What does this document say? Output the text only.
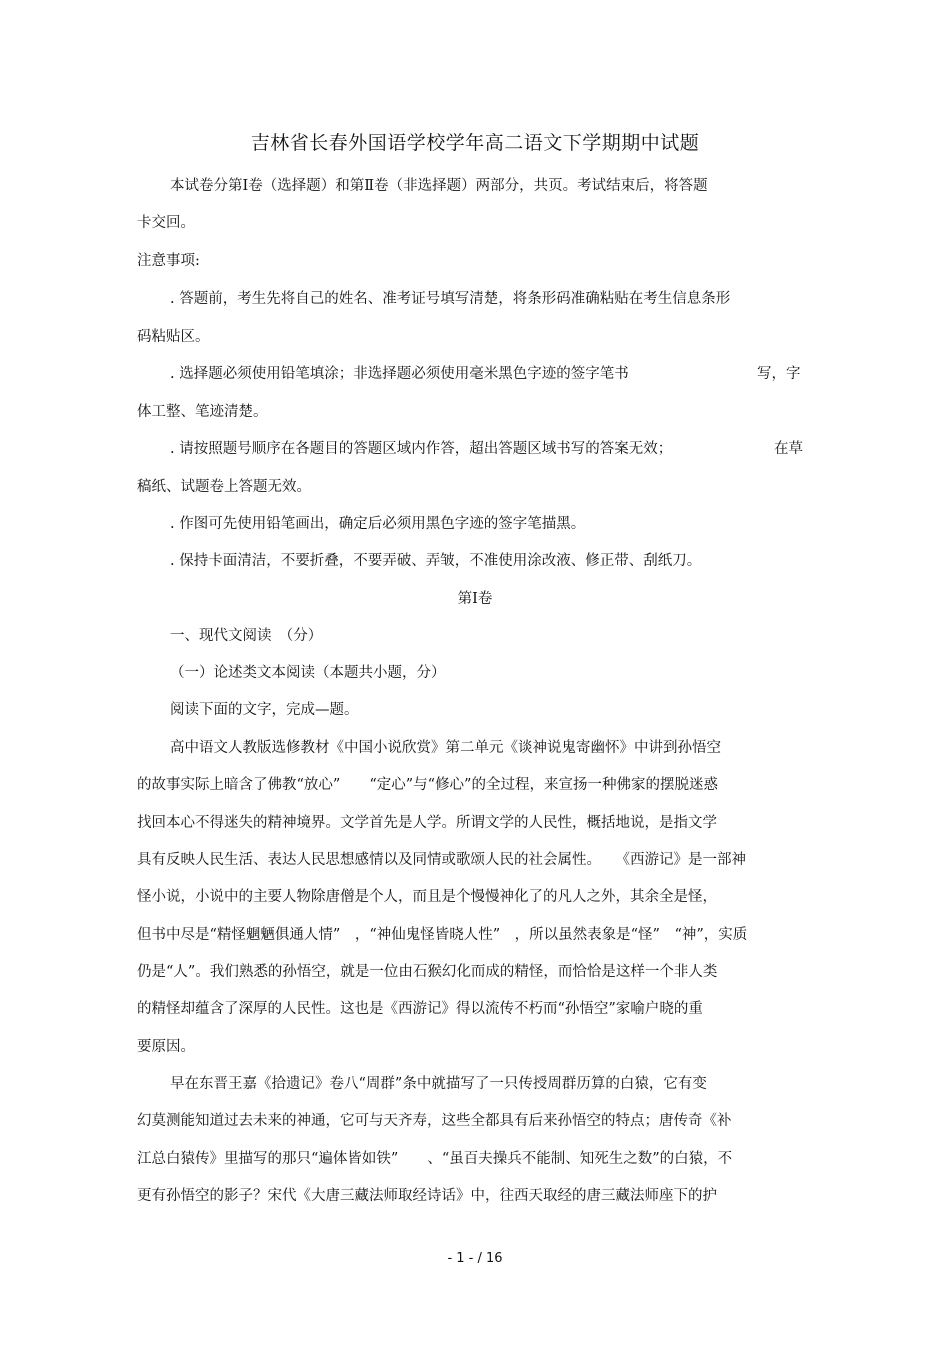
吉林省长春外国语学校学年高二语文下学期期中试题
本试卷分第Ⅰ卷（选择题）和第Ⅱ卷（非选择题）两部分，共页。考试结束后，将答题
卡交回。
注意事项:
. 答题前，考生先将自己的姓名、准考证号填写清楚，将条形码准确粘贴在考生信息条形
码粘贴区。
. 选择题必须使用铅笔填涂；非选择题必须使用毫米黑色字迹的签字笔书	写，字
体工整、笔迹清楚。
. 请按照题号顺序在各题目的答题区域内作答，超出答题区域书写的答案无效；	在草
稿纸、试题卷上答题无效。
. 作图可先使用铅笔画出，确定后必须用黑色字迹的签字笔描黑。
. 保持卡面清洁，不要折叠，不要弄破、弄皱，不准使用涂改液、修正带、刮纸刀。
第Ⅰ卷
一、现代文阅读　（分）
（一）论述类文本阅读（本题共小题，分）
阅读下面的文字，完成—题。
高中语文人教版选修教材《中国小说欣赏》第二单元《谈神说鬼寄幽怀》中讲到孙悟空
的故事实际上暗含了佛教“放心”　　“定心”与“修心”的全过程，来宣扬一种佛家的摆脱迷惑
找回本心不得迷失的精神境界。文学首先是人学。所谓文学的人民性，概括地说，是指文学
具有反映人民生活、表达人民思想感情以及同情或歌颂人民的社会属性。　　《西游记》是一部神
怪小说，小说中的主要人物除唐僧是个人，而且是个慢慢神化了的凡人之外，其余全是怪，
但书中尽是“精怪魍魉俱通人情”　，“神仙鬼怪皆晓人性”　，所以虽然表象是“怪”　“神”，实质
仍是“人”。我们熟悉的孙悟空，就是一位由石猴幻化而成的精怪，而恰恰是这样一个非人类
的精怪却蕴含了深厚的人民性。这也是《西游记》得以流传不朽而“孙悟空”家喻户晓的重
要原因。
早在东晋王嘉《拾遗记》卷八“周群”条中就描写了一只传授周群历算的白猿，它有变
幻莫测能知道过去未来的神通，它可与天齐寿，这些全都具有后来孙悟空的特点；唐传奇《补
江总白猿传》里描写的那只“遍体皆如铁”　　、“虽百夫操兵不能制、知死生之数”的白猿，不
更有孙悟空的影子？宋代《大唐三藏法师取经诗话》中，往西天取经的唐三藏法师座下的护
- 1 - / 16
